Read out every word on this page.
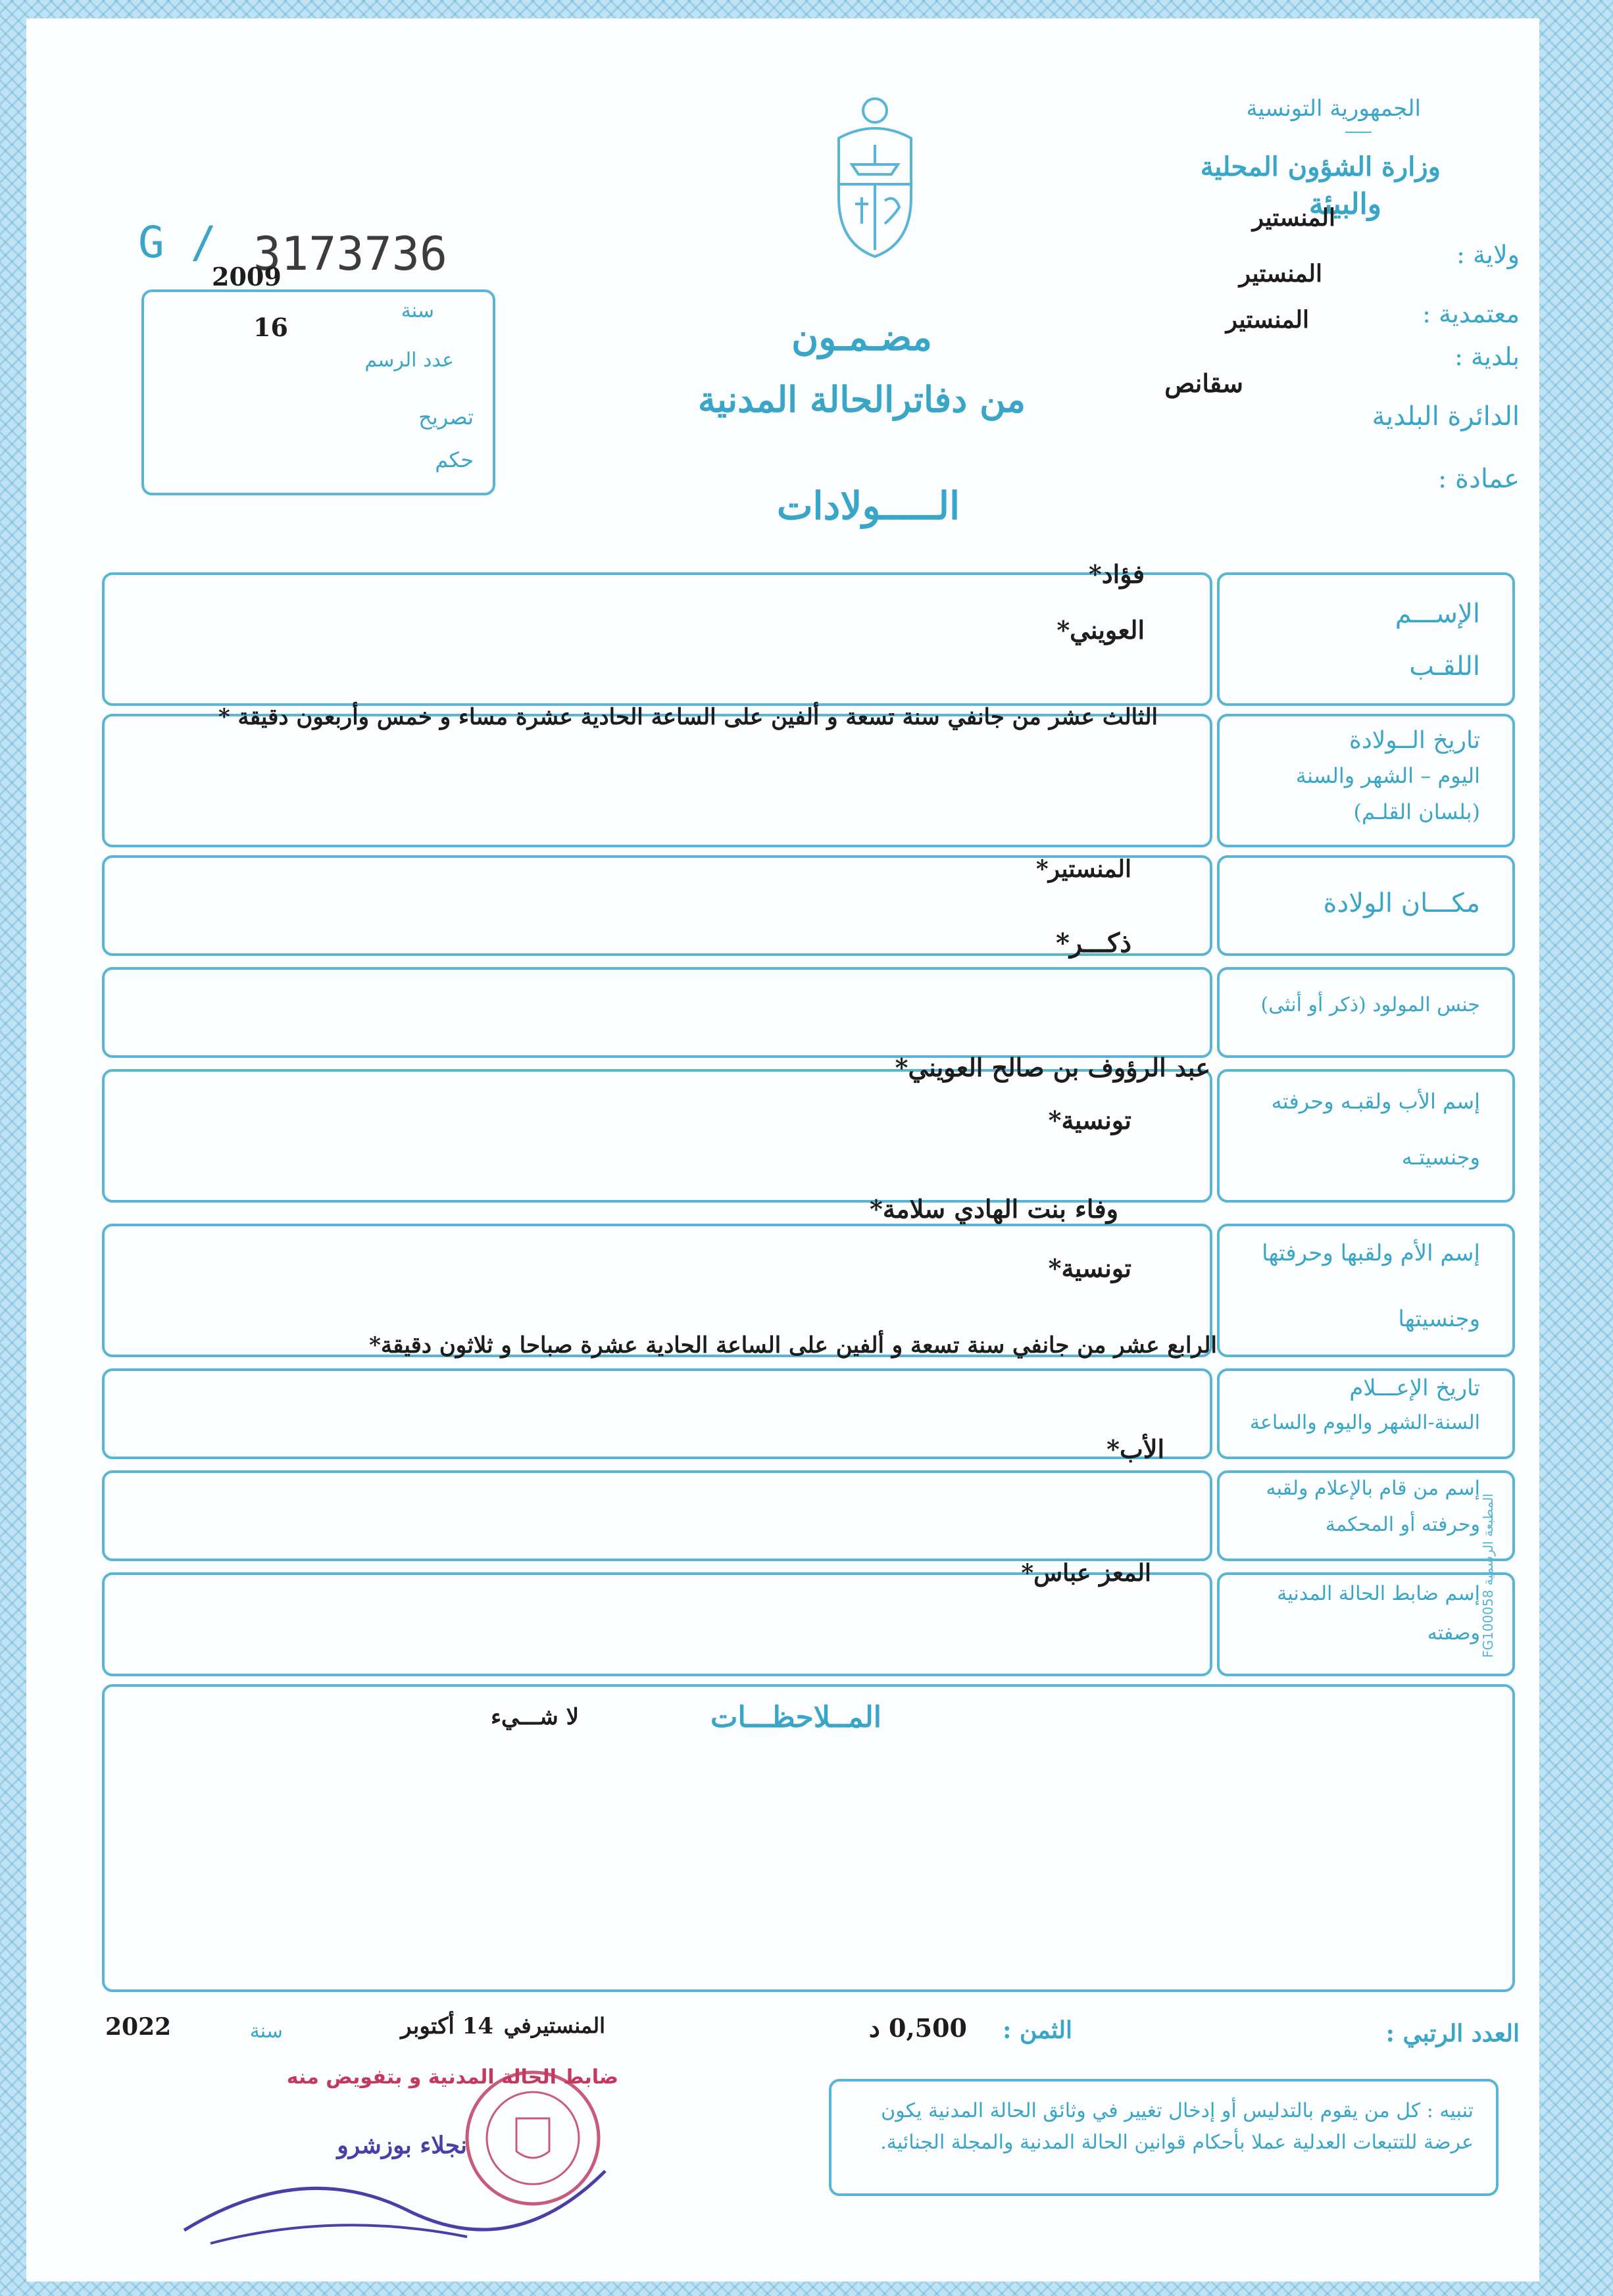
الجمهورية التونسية
وزارة الشؤون المحلية
والبيئة
ولاية :
المنستير
معتمدية :
المنستير
بلدية :
المنستير
الدائرة البلدية
سقانص
عمادة :
مضـمـون
من دفاترالحالة المدنية
الـــــولادات
G / 3173736
سنة
2009
عدد الرسم
16
تصريح
حكم
الإســـم
اللقـب
فؤاد*
العويني*
تاريخ الــولادة
اليوم – الشهر والسنة
(بلسان القلـم)
الثالث عشر من جانفي سنة تسعة و ألفين على الساعة الحادية عشرة مساء و خمس وأربعون دقيقة *
مكـــان الولادة
المنستير*
ذكـــر*
جنس المولود (ذكر أو أنثى)
إسم الأب ولقبـه وحرفته
وجنسيتـه
عبد الرؤوف بن صالح العويني*
تونسية*
إسم الأم ولقبها وحرفتها
وجنسيتها
وفاء بنت الهادي سلامة*
تونسية*
تاريخ الإعـــلام
السنة-الشهر واليوم والساعة
الرابع عشر من جانفي سنة تسعة و ألفين على الساعة الحادية عشرة صباحا و ثلاثون دقيقة*
إسم من قام بالإعلام ولقبه
وحرفته أو المحكمة
الأب*
إسم ضابط الحالة المدنية
وصفته
المعز عباس*
المــلاحظـــات
لا شـــيء
المطبعة الرسمية FG100058
العدد الرتبي :
الثمن :
0,500 د
المنستيرفي
14 أكتوبر
سنة
2022
ضابط الحالة المدنية و بتفويض منه
نجلاء بوزشرو
تنبيه : كل من يقوم بالتدليس أو إدخال تغيير في وثائق الحالة المدنية يكون عرضة للتتبعات العدلية عملا بأحكام قوانين الحالة المدنية والمجلة الجنائية.
